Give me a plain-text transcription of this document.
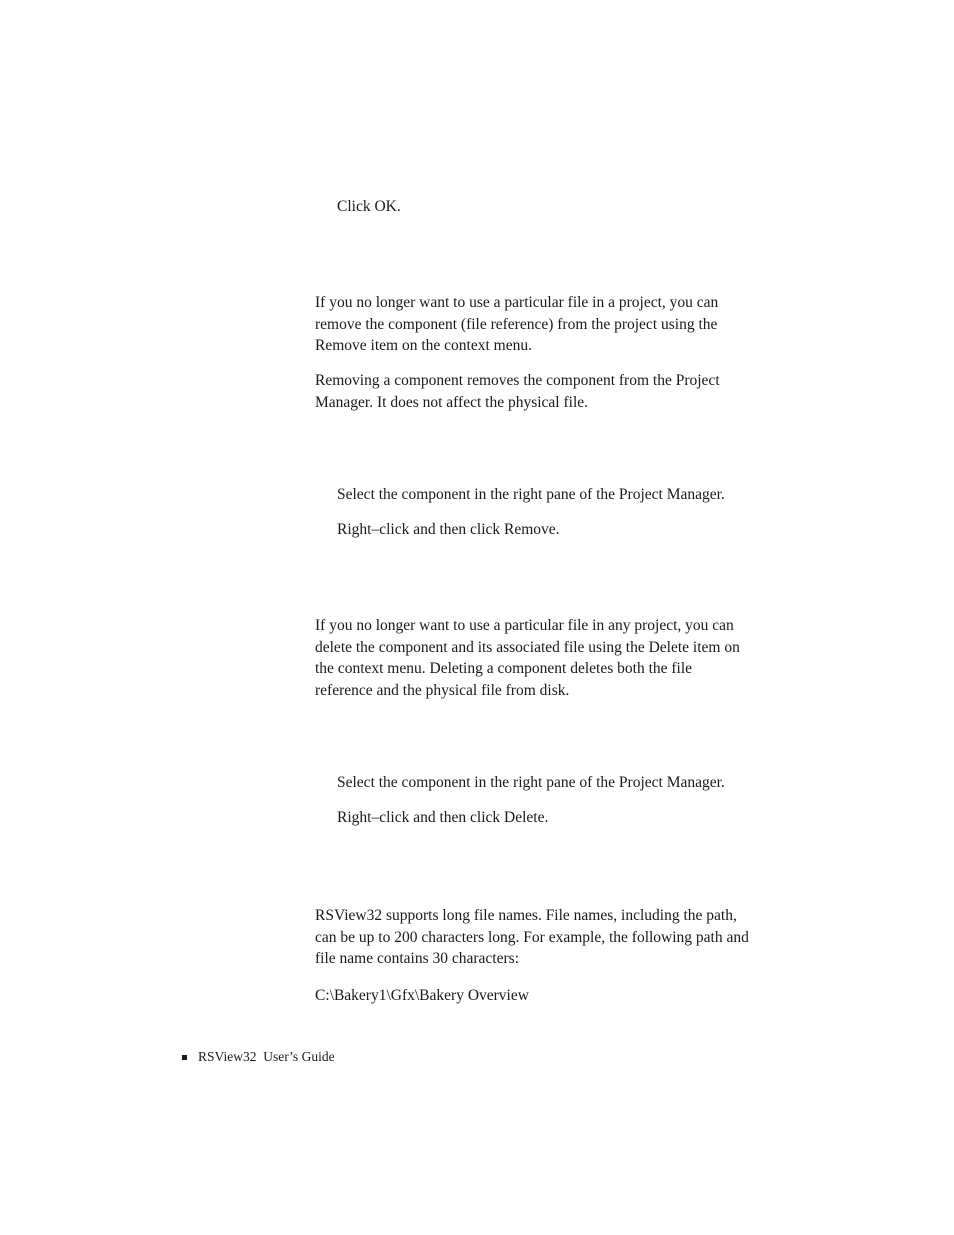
Click OK.

If you no longer want to use a particular file in a project, you can
remove the component (file reference) from the project using the
Remove item on the context menu.
Removing a component removes the component from the Project
Manager. It does not affect the physical file.

Select the component in the right pane of the Project Manager.

Right–click and then click Remove.

If you no longer want to use a particular file in any project, you can
delete the component and its associated file using the Delete item on
the context menu. Deleting a component deletes both the file
reference and the physical file from disk.

Select the component in the right pane of the Project Manager.

Right–click and then click Delete.

RSView32 supports long file names. File names, including the path,
can be up to 200 characters long. For example, the following path and
file name contains 30 characters:

C:\Bakery1\Gfx\Bakery Overview

RSView32  User’s Guide
